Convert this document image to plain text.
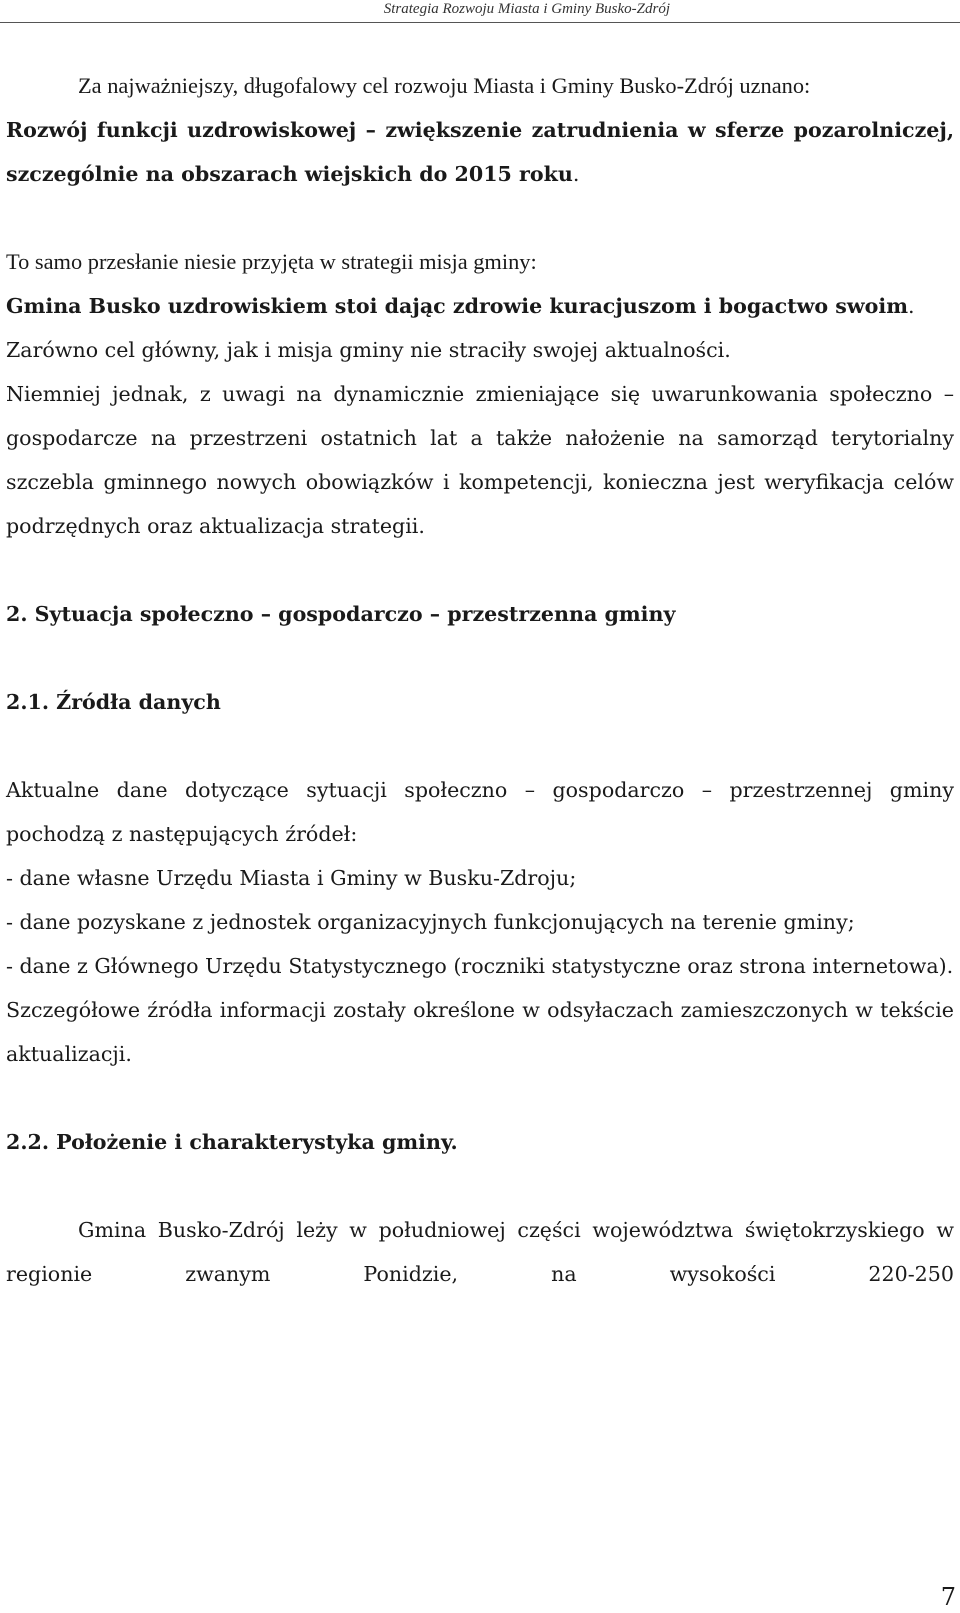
Strategia Rozwoju Miasta i Gminy Busko-Zdrój

Za najważniejszy, długofalowy cel rozwoju Miasta i Gminy Busko-Zdrój uznano:

Rozwój funkcji uzdrowiskowej – zwiększenie zatrudnienia w sferze pozarolniczej, szczególnie na obszarach wiejskich do 2015 roku.

To samo przesłanie niesie przyjęta w strategii misja gminy:

Gmina Busko uzdrowiskiem stoi dając zdrowie kuracjuszom i bogactwo swoim.

Zarówno cel główny, jak i misja gminy nie straciły swojej aktualności.

Niemniej jednak, z uwagi na dynamicznie zmieniające się uwarunkowania społeczno – gospodarcze na przestrzeni ostatnich lat a także nałożenie na samorząd terytorialny szczebla gminnego nowych obowiązków i kompetencji, konieczna jest weryfikacja celów podrzędnych oraz aktualizacja strategii.

2. Sytuacja społeczno – gospodarczo – przestrzenna gminy

2.1. Źródła danych

Aktualne dane dotyczące sytuacji społeczno – gospodarczo – przestrzennej gminy pochodzą z następujących źródeł:

- dane własne Urzędu Miasta i Gminy w Busku-Zdroju;

- dane pozyskane z jednostek organizacyjnych funkcjonujących na terenie gminy;

- dane z Głównego Urzędu Statystycznego (roczniki statystyczne oraz strona internetowa).

Szczegółowe źródła informacji zostały określone w odsyłaczach zamieszczonych w tekście aktualizacji.

2.2. Położenie i charakterystyka gminy.

Gmina Busko-Zdrój leży w południowej części województwa świętokrzyskiego w regionie zwanym Ponidzie, na wysokości 220-250

7
